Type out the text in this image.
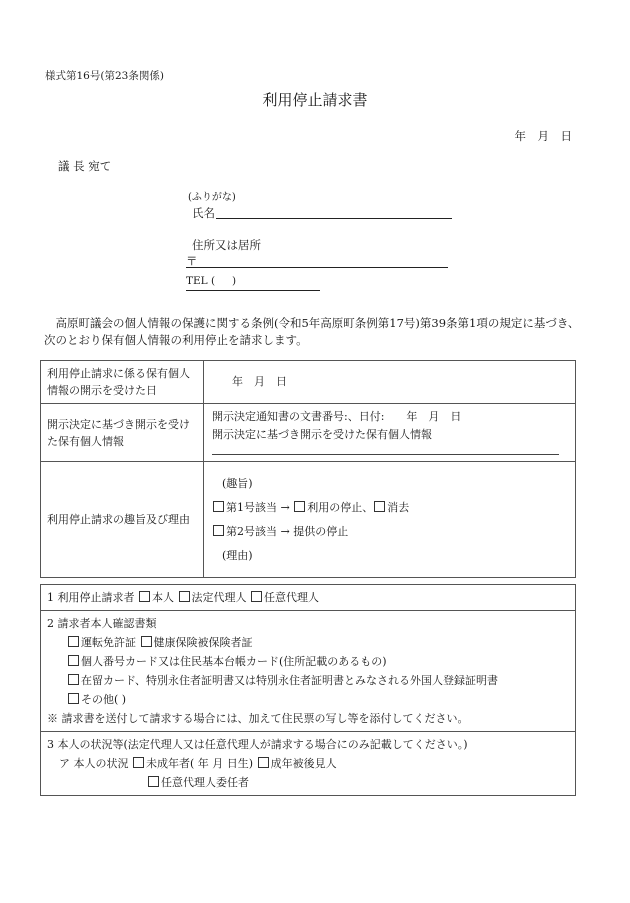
様式第16号(第23条関係)
利用停止請求書
年　月　日
議 長 宛て
(ふりがな)
氏名
住所又は居所
〒
TEL ( )
　高原町議会の個人情報の保護に関する条例(令和5年高原町条例第17号)第39条第1項の規定に基づき、次のとおり保有個人情報の利用停止を請求します。
利用停止請求に係る保有個人情報の開示を受けた日	年　月　日
開示決定に基づき開示を受けた保有個人情報	開示決定通知書の文書番号:、日付: 年　月　日
開示決定に基づき開示を受けた保有個人情報

利用停止請求の趣旨及び理由	(趣旨)
第1号該当 → 利用の停止、 消去
第2号該当 → 提供の停止
(理由)
1 利用停止請求者 本人 法定代理人 任意代理人

2 請求者本人確認書類
運転免許証 健康保険被保険者証
個人番号カード又は住民基本台帳カード(住所記載のあるもの)
在留カード、特別永住者証明書又は特別永住者証明書とみなされる外国人登録証明書
その他( )
※ 請求書を送付して請求する場合には、加えて住民票の写し等を添付してください。

3 本人の状況等(法定代理人又は任意代理人が請求する場合にのみ記載してください。)
ア 本人の状況 未成年者( 年 月 日生) 成年被後見人
任意代理人委任者
